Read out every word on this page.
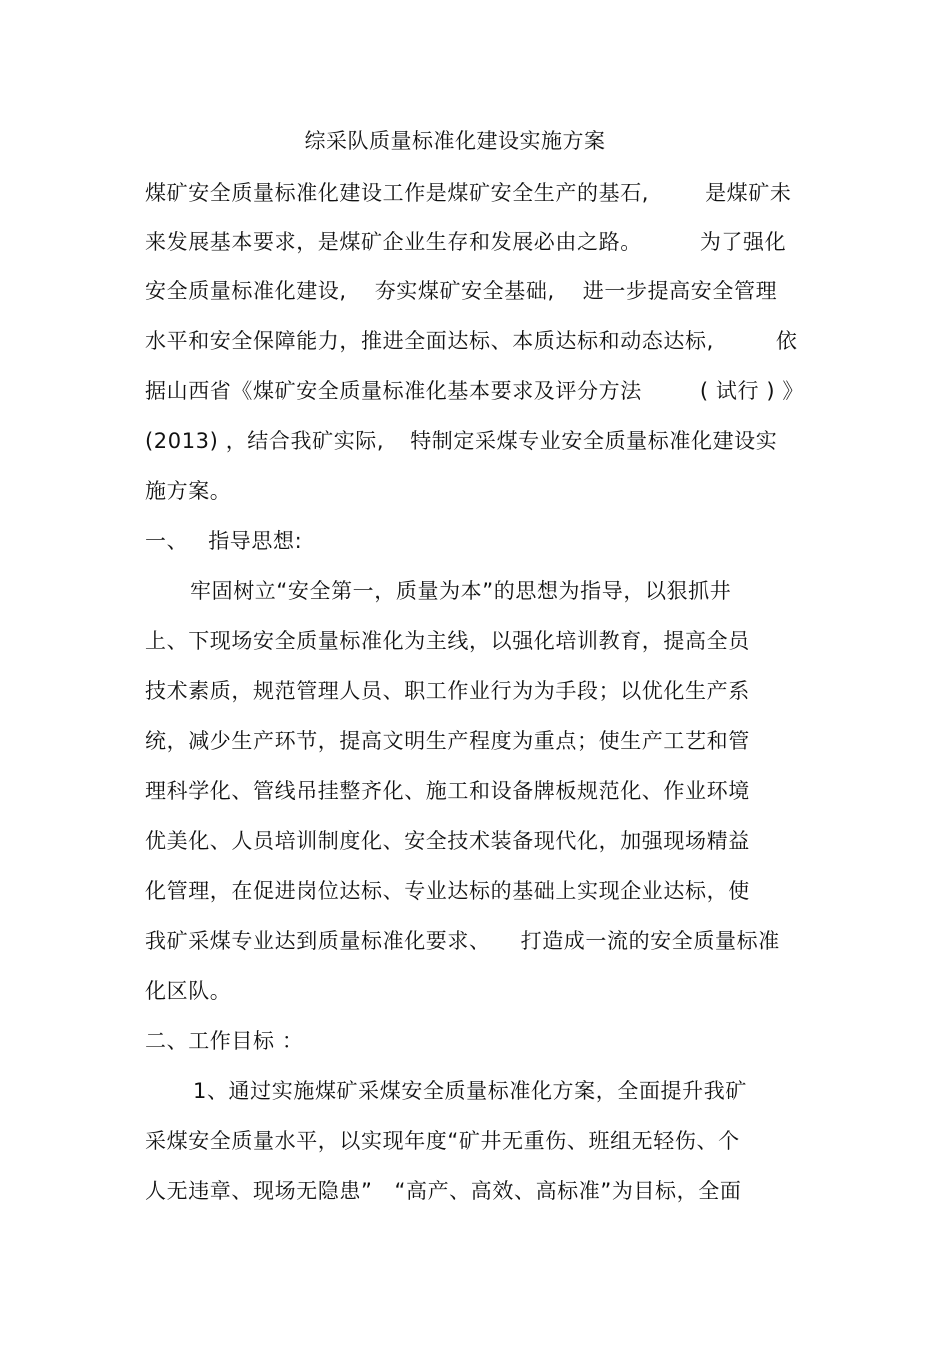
综采队质量标准化建设实施方案
煤矿安全质量标准化建设工作是煤矿安全生产的基石,	是煤矿未
来发展基本要求，是煤矿企业生存和发展必由之路。	为了强化
安全质量标准化建设, 夯实煤矿安全基础, 进一步提高安全管理
水平和安全保障能力，推进全面达标、本质达标和动态达标,	依
据山西省《煤矿安全质量标准化基本要求及评分方法	( 试行 ) 》
(2013) ，结合我矿实际, 特制定采煤专业安全质量标准化建设实
施方案。
一、 指导思想:
牢固树立“安全第一，质量为本”的思想为指导，以狠抓井
上、下现场安全质量标准化为主线，以强化培训教育，提高全员
技术素质，规范管理人员、职工作业行为为手段；以优化生产系
统，减少生产环节，提高文明生产程度为重点；使生产工艺和管
理科学化、管线吊挂整齐化、施工和设备牌板规范化、作业环境
优美化、人员培训制度化、安全技术装备现代化，加强现场精益
化管理，在促进岗位达标、专业达标的基础上实现企业达标，使
我矿采煤专业达到质量标准化要求、 打造成一流的安全质量标准
化区队。
二、工作目标 ：
1、通过实施煤矿采煤安全质量标准化方案，全面提升我矿
采煤安全质量水平，以实现年度“矿井无重伤、班组无轻伤、个
人无违章、现场无隐患” “高产、高效、高标准”为目标，全面
